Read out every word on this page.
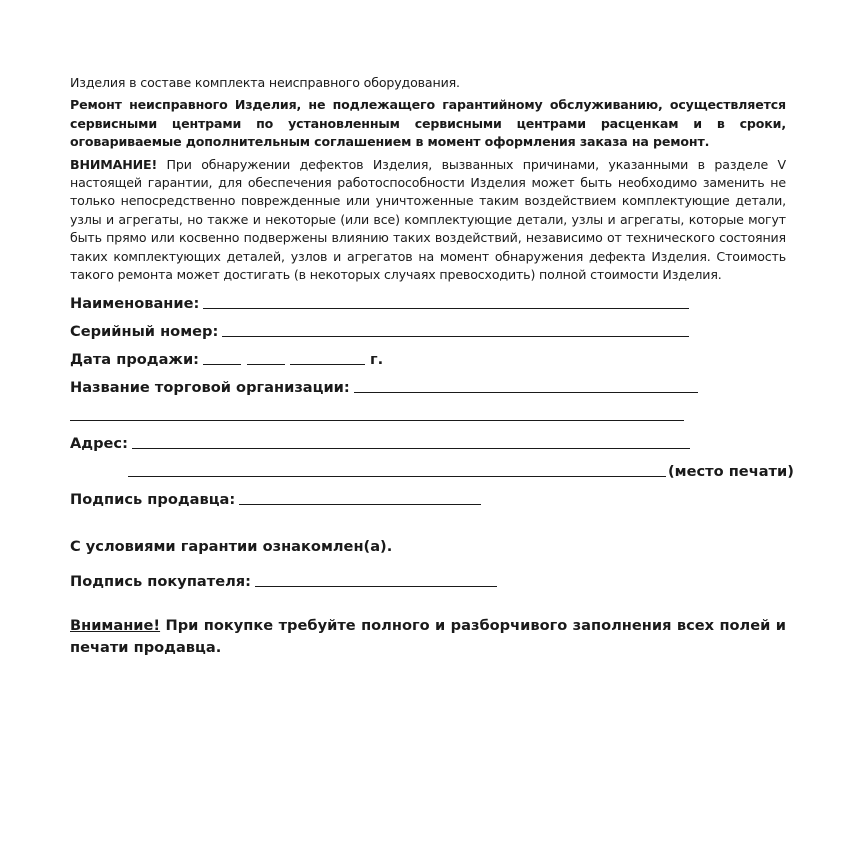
Изделия в составе комплекта неисправного оборудования.

Ремонт неисправного Изделия, не подлежащего гарантийному обслуживанию, осуществляется сервисными центрами по установленным сервисными центрами расценкам и в сроки, оговариваемые дополнительным соглашением в момент оформления заказа на ремонт.

ВНИМАНИЕ! При обнаружении дефектов Изделия, вызванных причинами, указанными в разделе V настоящей гарантии, для обеспечения работоспособности Изделия может быть необходимо заменить не только непосредственно поврежденные или уничтоженные таким воздействием комплектующие детали, узлы и агрегаты, но также и некоторые (или все) комплектующие детали, узлы и агрегаты, которые могут быть прямо или косвенно подвержены влиянию таких воздействий, независимо от технического состояния таких комплектующих деталей, узлов и агрегатов на момент обнаружения дефекта Изделия. Стоимость такого ремонта может достигать (в некоторых случаях превосходить) полной стоимости Изделия.

Наименование:
Серийный номер:
Дата продажи:	г.
Название торговой организации:
Адрес:
(место печати)
Подпись продавца:
С условиями гарантии ознакомлен(а).
Подпись покупателя:
Внимание! При покупке требуйте полного и разборчивого заполнения всех полей и печати продавца.
